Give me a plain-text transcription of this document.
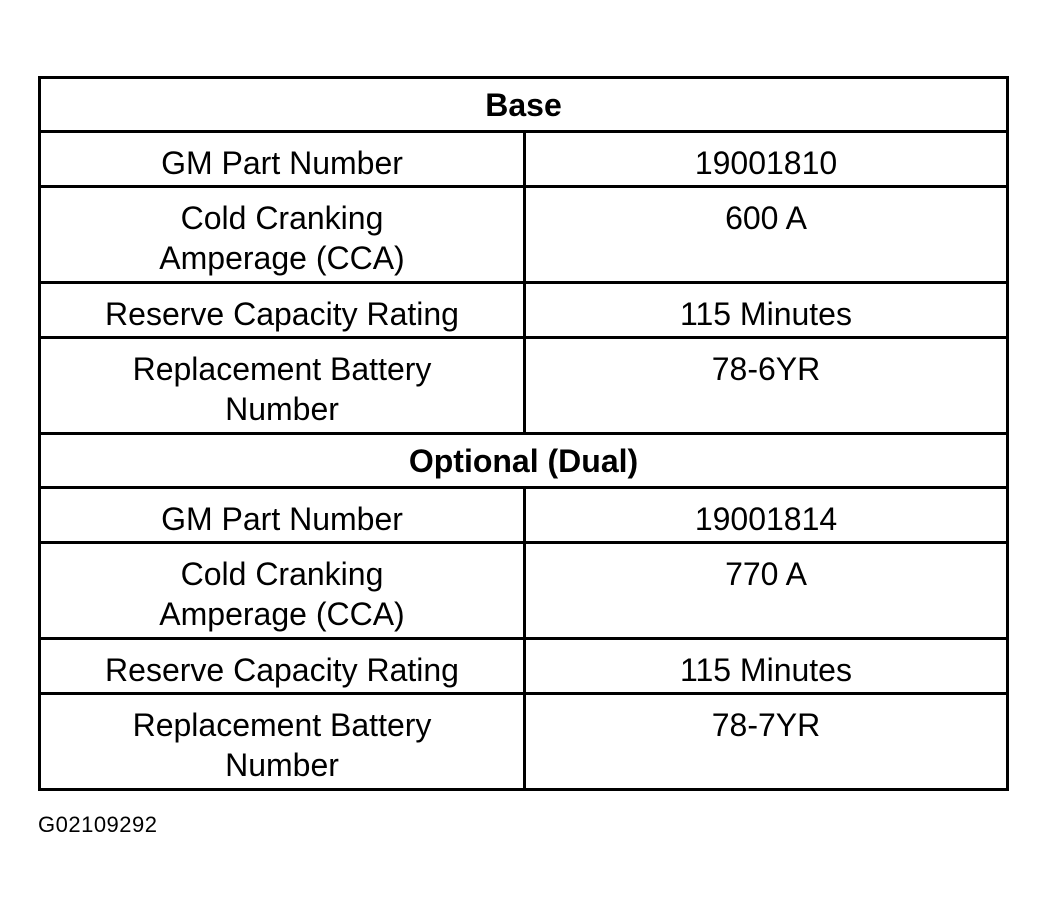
Base	

GM Part Number	19001810

Cold Cranking
Amperage (CCA)	600 A

Reserve Capacity Rating	115 Minutes

Replacement Battery
Number	78-6YR
Optional (Dual)	

GM Part Number	19001814

Cold Cranking
Amperage (CCA)	770 A

Reserve Capacity Rating	115 Minutes

Replacement Battery
Number	78-7YR
G02109292
